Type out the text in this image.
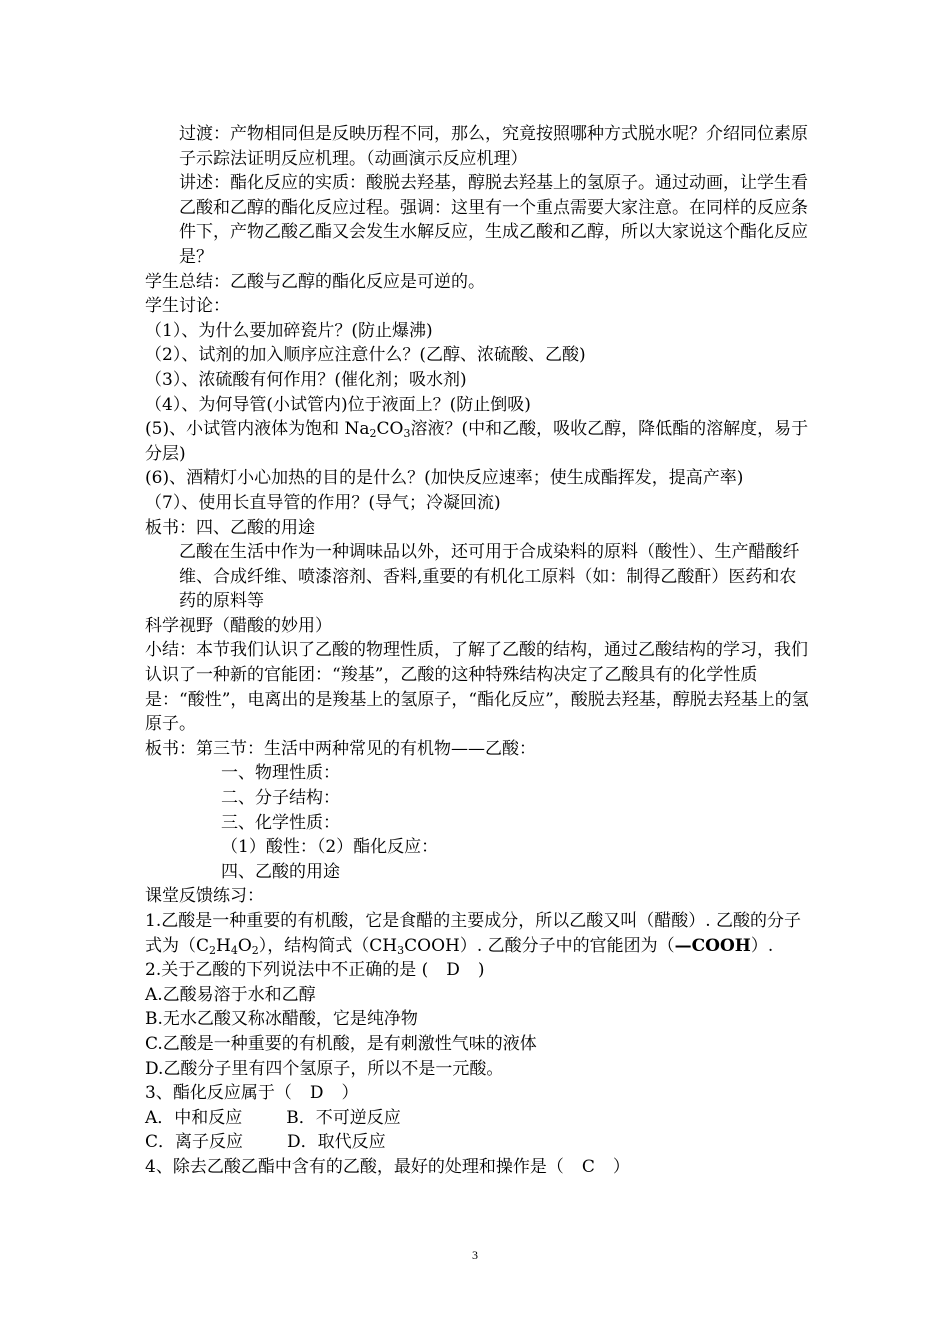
过渡：产物相同但是反映历程不同，那么，究竟按照哪种方式脱水呢？介绍同位素原子示踪法证明反应机理。（动画演示反应机理）
讲述：酯化反应的实质：酸脱去羟基，醇脱去羟基上的氢原子。通过动画，让学生看乙酸和乙醇的酯化反应过程。强调：这里有一个重点需要大家注意。在同样的反应条件下，产物乙酸乙酯又会发生水解反应，生成乙酸和乙醇，所以大家说这个酯化反应是？
学生总结：乙酸与乙醇的酯化反应是可逆的。
学生讨论：
（1）、为什么要加碎瓷片？(防止爆沸)
（2）、试剂的加入顺序应注意什么？(乙醇、浓硫酸、乙酸)
（3）、浓硫酸有何作用？(催化剂；吸水剂)
（4）、为何导管(小试管内)位于液面上？(防止倒吸)
(5)、小试管内液体为饱和 $Na_2CO_3$溶液？(中和乙酸，吸收乙醇，降低酯的溶解度，易于分层)
(6)、酒精灯小心加热的目的是什么？(加快反应速率；使生成酯挥发，提高产率)
（7）、使用长直导管的作用？(导气；冷凝回流)
板书：四、乙酸的用途
乙酸在生活中作为一种调味品以外，还可用于合成染料的原料（酸性）、生产醋酸纤维、合成纤维、喷漆溶剂、香料,重要的有机化工原料（如：制得乙酸酐）医药和农药的原料等
科学视野（醋酸的妙用）
小结：本节我们认识了乙酸的物理性质，了解了乙酸的结构，通过乙酸结构的学习，我们认识了一种新的官能团：“羧基”，乙酸的这种特殊结构决定了乙酸具有的化学性质是：“酸性”，电离出的是羧基上的氢原子，“酯化反应”，酸脱去羟基，醇脱去羟基上的氢原子。
板书：第三节：生活中两种常见的有机物——乙酸：
一、物理性质：
二、分子结构：
三、化学性质：
（1）酸性：（2）酯化反应：
四、乙酸的用途
课堂反馈练习：
1.乙酸是一种重要的有机酸，它是食醋的主要成分，所以乙酸又叫（醋酸）. 乙酸的分子式为$(C_2H_4O_2)$，结构简式$(CH_3COOH)$. 乙酸分子中的官能团为（—COOH）.
2.关于乙酸的下列说法中不正确的是 ( D )
A.乙酸易溶于水和乙醇
B.无水乙酸又称冰醋酸，它是纯净物
C.乙酸是一种重要的有机酸，是有刺激性气味的液体
D.乙酸分子里有四个氢原子，所以不是一元酸。
3、酯化反应属于（ D ）
A．中和反应	B．不可逆反应
C．离子反应	D．取代反应
4、除去乙酸乙酯中含有的乙酸，最好的处理和操作是（ C ）
3
